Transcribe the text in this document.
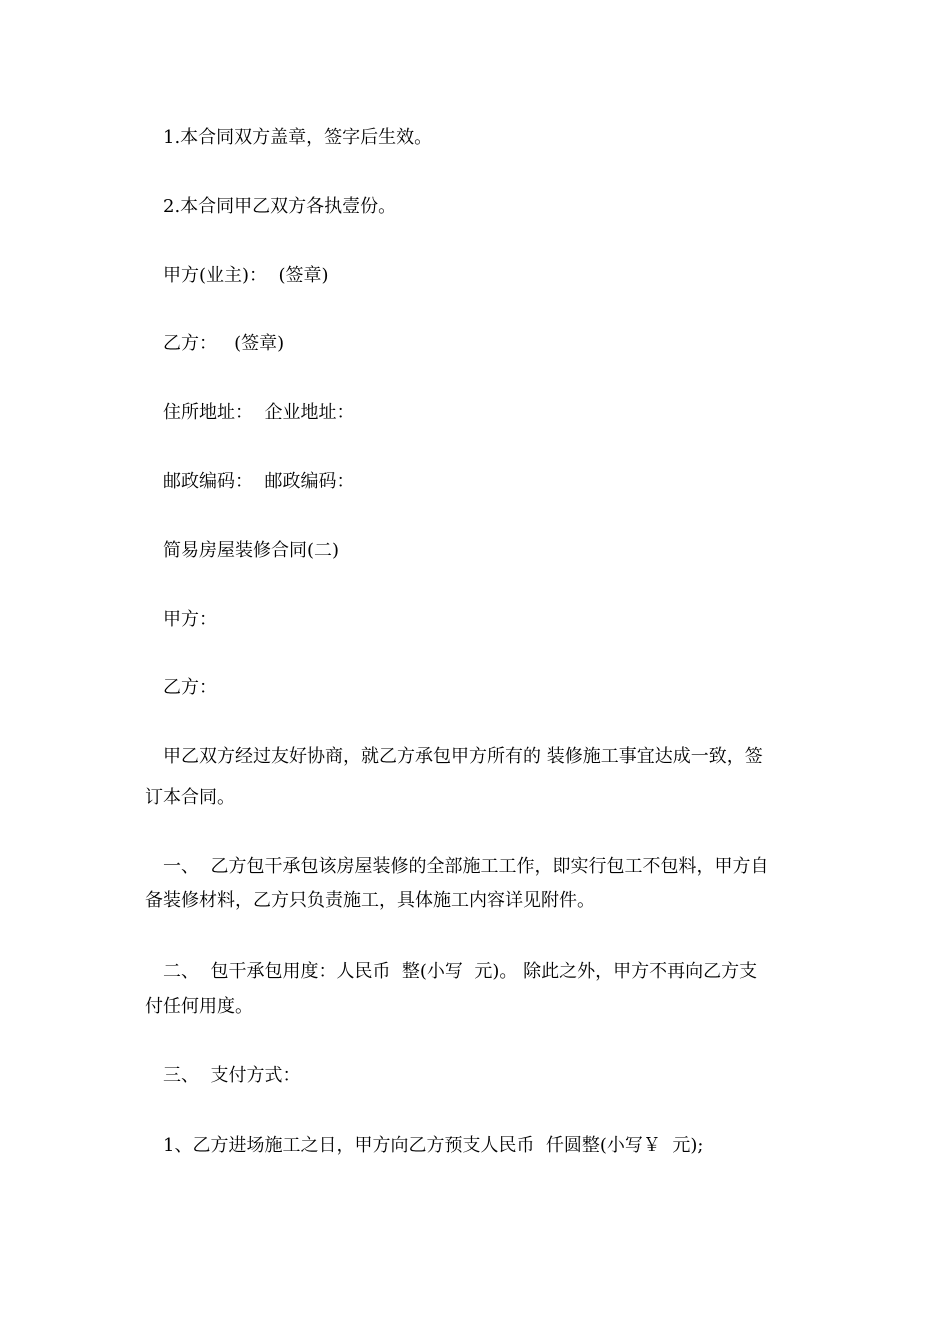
1.本合同双方盖章，签字后生效。
2.本合同甲乙双方各执壹份。
甲方(业主)：  (签章)
乙方：   (签章)
住所地址：  企业地址：
邮政编码：  邮政编码：
简易房屋装修合同(二)
甲方：
乙方：
甲乙双方经过友好协商，就乙方承包甲方所有的 装修施工事宜达成一致，签
订本合同。
一、  乙方包干承包该房屋装修的全部施工工作，即实行包工不包料，甲方自
备装修材料，乙方只负责施工，具体施工内容详见附件。
二、  包干承包用度：人民币  整(小写  元)。 除此之外，甲方不再向乙方支
付任何用度。
三、  支付方式：
1、乙方进场施工之日，甲方向乙方预支人民币  仟圆整(小写￥  元);
